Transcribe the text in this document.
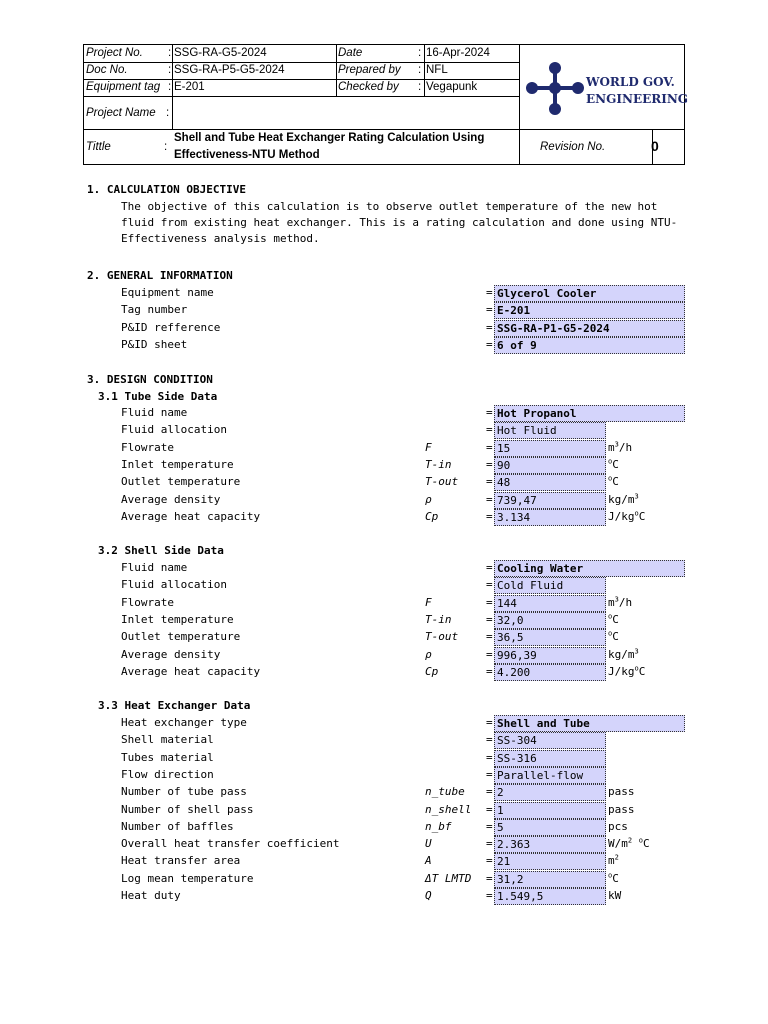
Project No. : SSG-RA-G5-2024
Doc No.	: SSG-RA-P5-G5-2024
Equipment tag : E-201
Project Name :
Tittle	:
Shell and Tube Heat Exchanger Rating Calculation Using
Effectiveness-NTU Method
Date	: 16-Apr-2024
Prepared by : NFL
Checked by : Vegapunk
Revision No.	0
WORLD GOV.
ENGINEERING
1. CALCULATION OBJECTIVE
The objective of this calculation is to observe outlet temperature of the new hot
fluid from existing heat exchanger. This is a rating calculation and done using NTU-
Effectiveness analysis method.
2. GENERAL INFORMATION
Equipment name	= Glycerol Cooler
Tag number	= E-201
P&ID refference	= SSG-RA-P1-G5-2024
P&ID sheet	= 6 of 9
3. DESIGN CONDITION
3.1 Tube Side Data
Fluid name	= Hot Propanol
Fluid allocation	= Hot Fluid
Flowrate	F	= 15	$m^3/h$
Inlet temperature	T-in	= 90	$^o$C
Outlet temperature	T-out	= 48	$^o$C
Average density	ρ	= 739,47	$kg/m^3$
Average heat capacity	Cp	= 3.134	$J/kg^oC$
3.2 Shell Side Data
Fluid name	= Cooling Water
Fluid allocation	= Cold Fluid
Flowrate	F	= 144	$m^3/h$
Inlet temperature	T-in	= 32,0	$^o$C
Outlet temperature	T-out	= 36,5	$^o$C
Average density	ρ	= 996,39	$kg/m^3$
Average heat capacity	Cp	= 4.200	$J/kg^oC$
3.3 Heat Exchanger Data
Heat exchanger type	= Shell and Tube
Shell material	= SS-304
Tubes material	= SS-316
Flow direction	= Parallel-flow
Number of tube pass	n_tube = 2	pass
Number of shell pass	n_shell = 1	pass
Number of baffles	n_bf	= 5	pcs
Overall heat transfer coefficient	U	= 2.363	$W/m^2$ $^o$C
Heat transfer area	A	= 21	$m^2$
Log mean temperature	ΔT LMTD = 31,2	$^o$C
Heat duty	Q	= 1.549,5	kW
